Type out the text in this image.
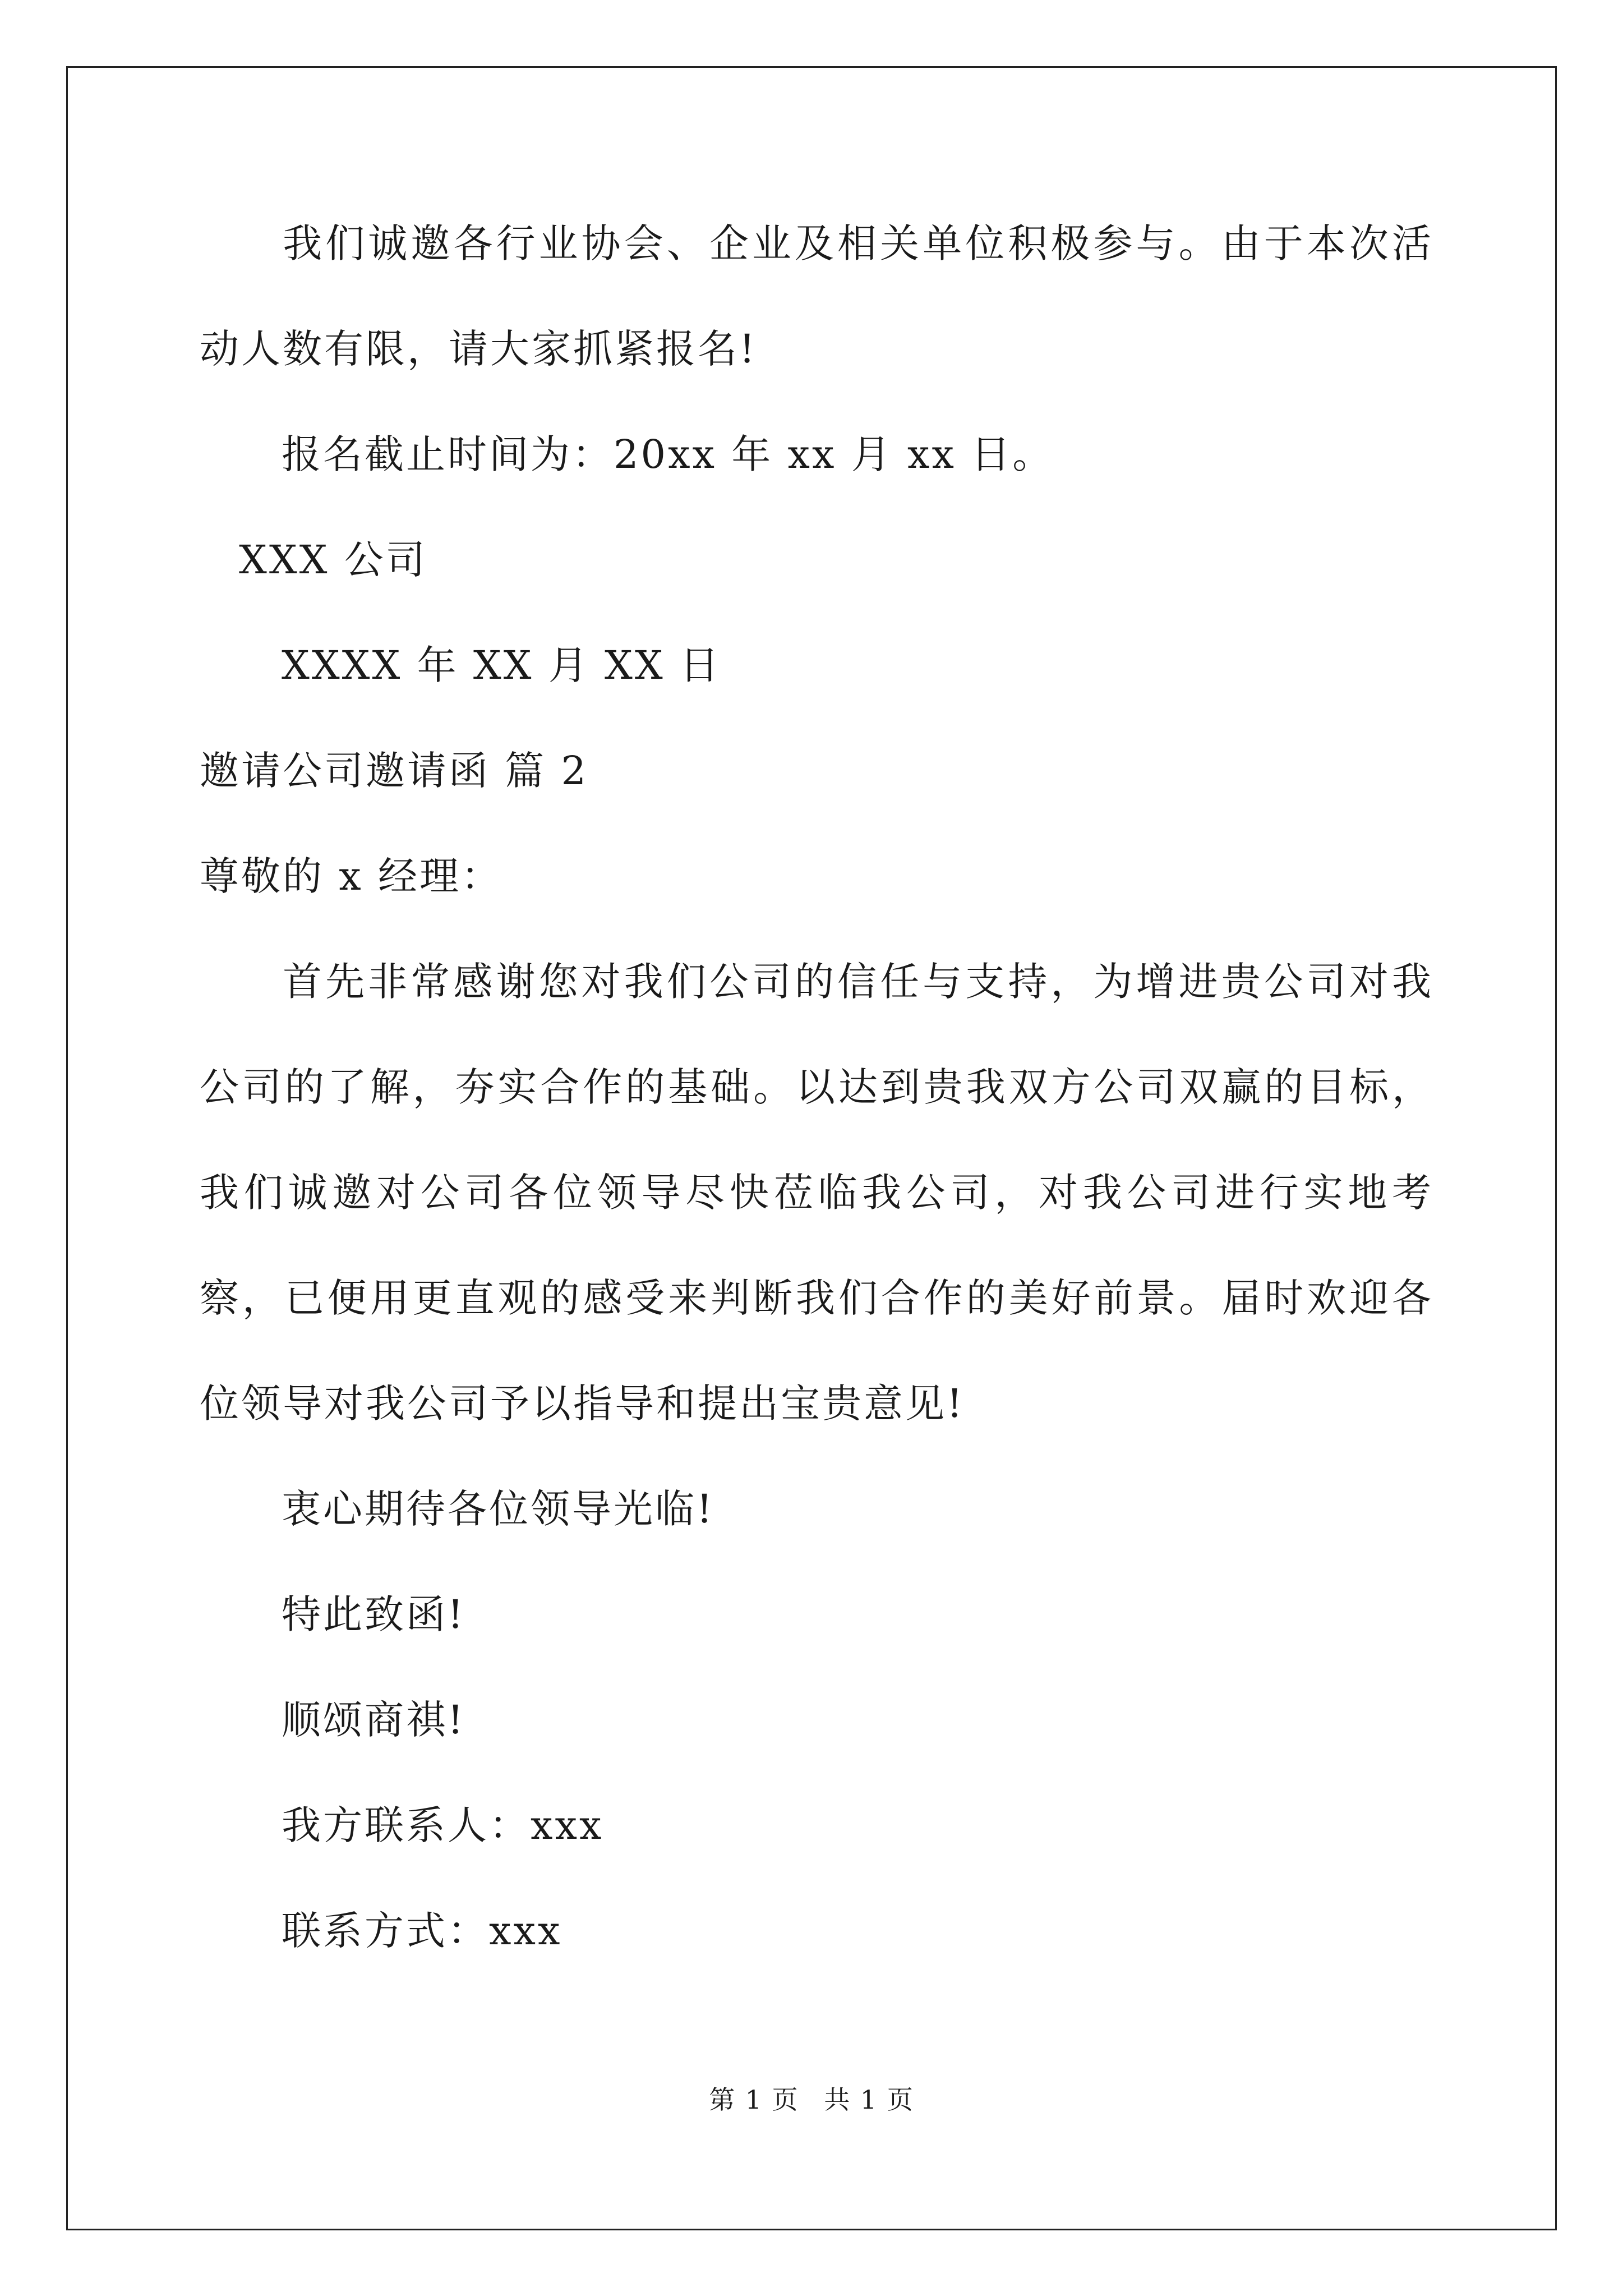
我们诚邀各行业协会、企业及相关单位积极参与。由于本次活动人数有限，请大家抓紧报名!
报名截止时间为：20xx 年 xx 月 xx 日。
XXX 公司
XXXX 年 XX 月 XX 日
邀请公司邀请函 篇 2
尊敬的 x 经理：
首先非常感谢您对我们公司的信任与支持，为增进贵公司对我公司的了解，夯实合作的基础。以达到贵我双方公司双赢的目标，我们诚邀对公司各位领导尽快莅临我公司，对我公司进行实地考察，已便用更直观的感受来判断我们合作的美好前景。届时欢迎各位领导对我公司予以指导和提出宝贵意见!
衷心期待各位领导光临!
特此致函!
顺颂商祺!
我方联系人：xxx
联系方式：xxx
第 1 页 共 1 页
